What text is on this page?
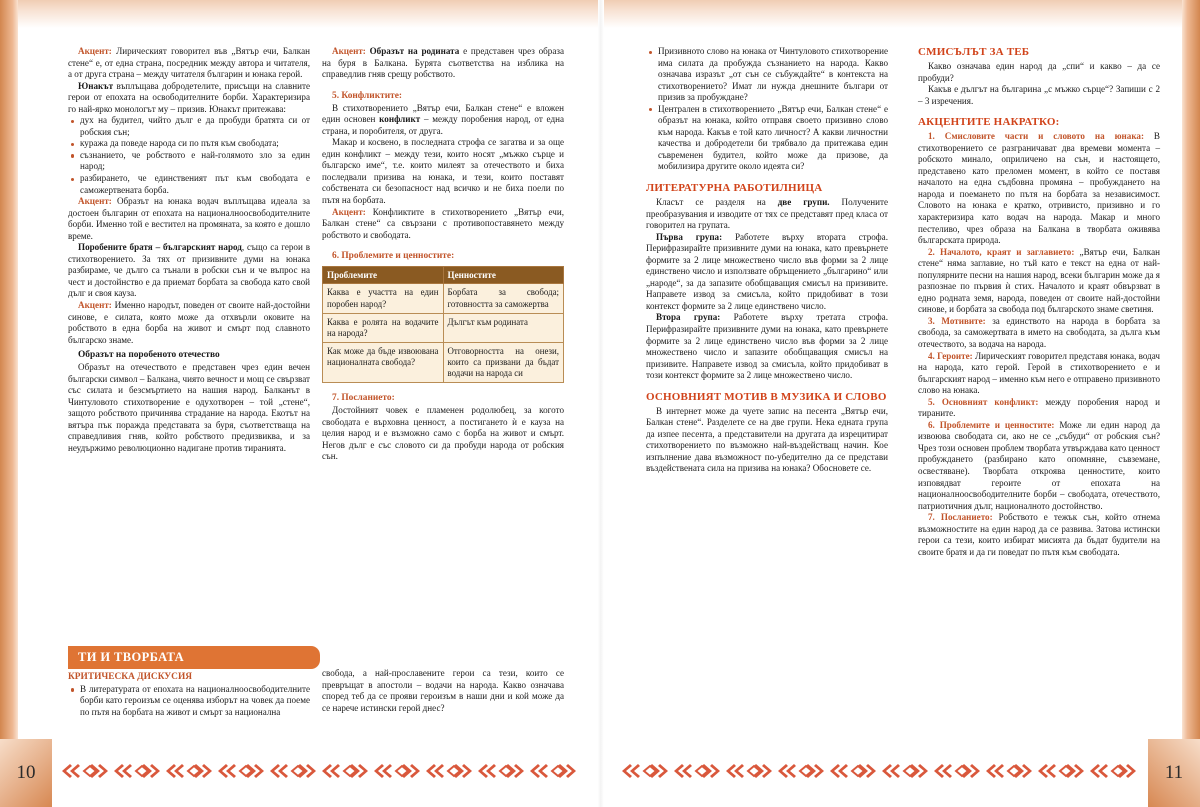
Акцент: Лирическият говорител във „Вятър ечи, Балкан стене“ е, от една страна, посредник между автора и читателя, а от друга страна – между читателя българин и юнака герой.

Юнакът въплъщава добродетелите, присъщи на славните герои от епохата на освободителните борби. Характеризира го най-ярко монологът му – призив. Юнакът притежава:

дух на будител, чийто дълг е да пробуди братята си от робския сън;
куража да поведе народа си по пътя към свободата;
съзнанието, че робството е най-голямото зло за един народ;
разбирането, че единственият път към свободата е саможертвената борба.

Акцент: Образът на юнака водач въплъщава идеала за достоен българин от епохата на националноосвободителните борби. Именно той е вестител на промяната, за която е дошло време.

Поробените братя – българският народ, също са герои в стихотворението. За тях от призивните думи на юнака разбираме, че дълго са тънали в робски сън и че въпрос на чест и достойнство е да приемат борбата за свобода като свой дълг и своя кауза.

Акцент: Именно народът, поведен от своите най-достойни синове, е силата, която може да отхвърли оковите на робството в една борба на живот и смърт под славното българско знаме.

Образът на поробеното отечество

Образът на отечеството е представен чрез един вечен български символ – Балкана, чиято вечност и мощ се свързват със силата и безсмъртието на нашия народ. Балканът в Чинтуловото стихотворение е одухотворен – той „стене“, защото робството причинява страдание на народа. Екотът на вятъра пък поражда представата за буря, съответстваща на справедливия гняв, който робството предизвиква, и за неудържимо революционно надигане против тиранията.

ТИ И ТВОРБАТА
КРИТИЧЕСКА ДИСКУСИЯ
В литературата от епохата на националноосвободителните борби като героизъм се оценява изборът на човек да поеме по пътя на борбата на живот и смърт за национална

свобода, а най-прославените герои са тези, които се превръщат в апостоли – водачи на народа. Какво означава според теб да се прояви героизъм в наши дни и кой може да се нарече истински герой днес?

Акцент: Образът на родината е представен чрез образа на буря в Балкана. Бурята съответства на изблика на справедлив гняв срещу робството.

5. Конфликтите:

В стихотворението „Вятър ечи, Балкан стене“ е вложен един основен конфликт – между поробения народ, от една страна, и поробителя, от друга.

Макар и косвено, в последната строфа се загатва и за още един конфликт – между тези, които носят „мъжко сърце и българско име“, т.е. които милеят за отечеството и биха последвали призива на юнака, и тези, които поставят собствената си безопасност над всичко и не биха поели по пътя на борбата.

Акцент: Конфликтите в стихотворението „Вятър ечи, Балкан стене“ са свързани с противопоставянето между робството и свободата.

6. Проблемите и ценностите:
Проблемите	Ценностите
Каква е участта на един поробен народ?	Борбата за свобода; готовността за саможертва
Каква е ролята на водачите на народа?	Дългът към родината
Как може да бъде извоювана националната свобода?	Отговорността на онези, които са призвани да бъдат водачи на народа си
7. Посланието:

Достойният човек е пламенен родолюбец, за когото свободата е върховна ценност, а постигането ѝ е кауза на целия народ и е възможно само с борба на живот и смърт. Негов дълг е със словото си да пробуди народа от робския сън.

Призивното слово на юнака от Чинтуловото стихотворение има силата да пробужда съзнанието на народа. Какво означава изразът „от сън се събуждайте“ в контекста на стихотворението? Имат ли нужда днешните българи от призив за пробуждане?
Централен в стихотворението „Вятър ечи, Балкан стене“ е образът на юнака, който отправя своето призивно слово към народа. Какъв е той като личност? А какви личностни качества и добродетели би трябвало да притежава един съвременен будител, който може да призове, да мобилизира другите около идеята си?
ЛИТЕРАТУРНА РАБОТИЛНИЦА

Класът се разделя на две групи. Получените преобразувания и изводите от тях се представят пред класа от говорител на групата.

Първа група: Работете върху втората строфа. Перифразирайте призивните думи на юнака, като превърнете формите за 2 лице множествено число във форми за 2 лице единствено число и използвате обръщението „българино“ или „народе“, за да запазите обобщаващия смисъл на призивите. Направете извод за смисъла, който придобиват в този контекст формите за 2 лице единствено число.

Втора група: Работете върху третата строфа. Перифразирайте призивните думи на юнака, като превърнете формите за 2 лице единствено число във форми за 2 лице множествено число и запазите обобщаващия смисъл на призивите. Направете извод за смисъла, който придобиват в този контекст формите за 2 лице множествено число.

ОСНОВНИЯТ МОТИВ В МУЗИКА И СЛОВО

В интернет може да чуете запис на песента „Вятър ечи, Балкан стене“. Разделете се на две групи. Нека едната група да изпее песента, а представители на другата да изрецитират стихотворението по възможно най-въздействащ начин. Кое изпълнение дава възможност по-убедително да се представи въздействената сила на призива на юнака? Обосновете се.

СМИСЪЛЪТ ЗА ТЕБ

Какво означава един народ да „спи“ и какво – да се пробуди?

Какъв е дългът на българина „с мъжко сърце“? Запиши с 2 – 3 изречения.

АКЦЕНТИТЕ НАКРАТКО:

1. Смисловите части и словото на юнака: В стихотворението се разграничават два времеви момента – робското минало, оприличено на сън, и настоящето, представено като преломен момент, в който се поставя началото на една съдбовна промяна – пробуждането на народа и поемането по пътя на борбата за независимост. Словото на юнака е кратко, отривисто, призивно и го характеризира като водач на народа. Макар и много пестеливо, чрез образа на Балкана в творбата оживява българската природа.

2. Началото, краят и заглавието: „Вятър ечи, Балкан стене“ няма заглавие, но тъй като е текст на една от най-популярните песни на нашия народ, всеки българин може да я разпознае по първия ѝ стих. Началото и краят обвързват в едно родната земя, народа, поведен от своите най-достойни синове, и борбата за свобода под българското знаме светиня.

3. Мотивите: за единството на народа в борбата за свобода, за саможертвата в името на свободата, за дълга към отечеството, за водача на народа.

4. Героите: Лирическият говорител представя юнака, водач на народа, като герой. Герой в стихотворението е и българският народ – именно към него е отправено призивното слово на юнака.

5. Основният конфликт: между поробения народ и тираните.

6. Проблемите и ценностите: Може ли един народ да извоюва свободата си, ако не се „събуди“ от робския сън? Чрез този основен проблем творбата утвърждава като ценност пробуждането (разбирано като опомняне, съвземане, освестяване). Творбата откроява ценностите, които изповядват героите от епохата на националноосвободителните борби – свободата, отечеството, патриотичния дълг, националното достойнство.

7. Посланието: Робството е тежък сън, който отнема възможностите на един народ да се развива. Затова истински герои са тези, които избират мисията да бъдат будители на своите братя и да ги поведат по пътя към свободата.

10	11
